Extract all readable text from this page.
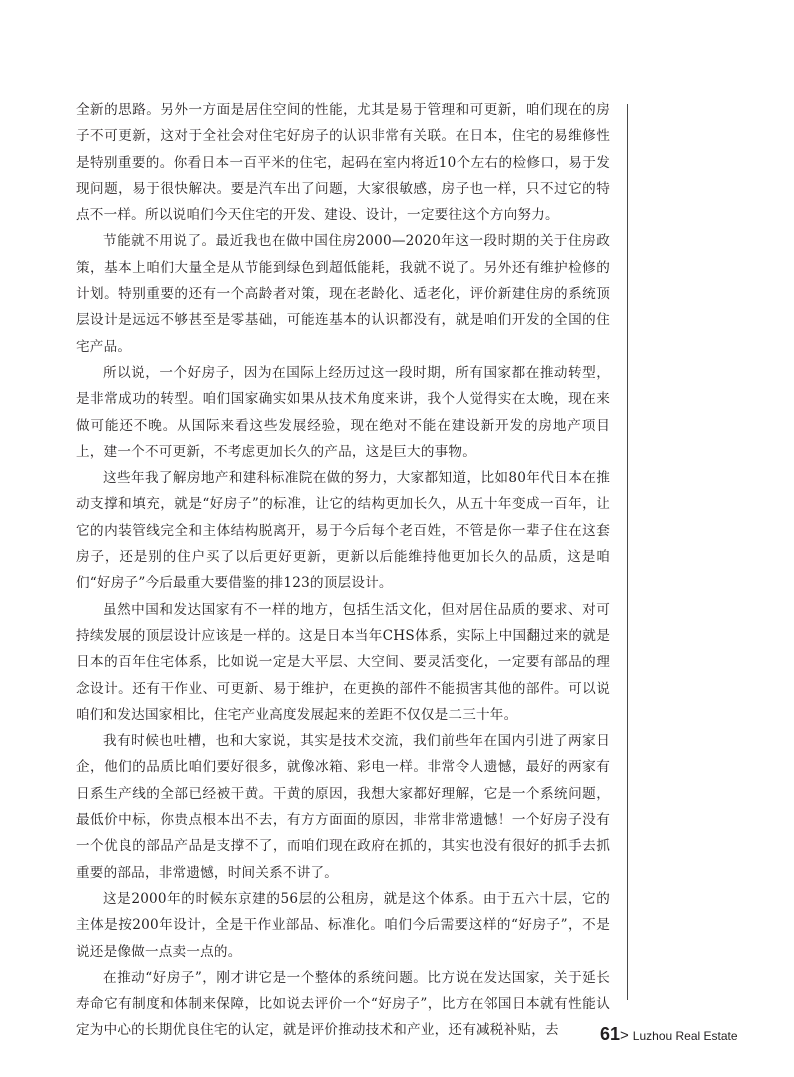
全新的思路。另外一方面是居住空间的性能，尤其是易于管理和可更新，咱们现在的房子不可更新，这对于全社会对住宅好房子的认识非常有关联。在日本，住宅的易维修性是特别重要的。你看日本一百平米的住宅，起码在室内将近10个左右的检修口，易于发现问题，易于很快解决。要是汽车出了问题，大家很敏感，房子也一样，只不过它的特点不一样。所以说咱们今天住宅的开发、建设、设计，一定要往这个方向努力。

节能就不用说了。最近我也在做中国住房2000—2020年这一段时期的关于住房政策，基本上咱们大量全是从节能到绿色到超低能耗，我就不说了。另外还有维护检修的计划。特别重要的还有一个高龄者对策，现在老龄化、适老化，评价新建住房的系统顶层设计是远远不够甚至是零基础，可能连基本的认识都没有，就是咱们开发的全国的住宅产品。

所以说，一个好房子，因为在国际上经历过这一段时期，所有国家都在推动转型，是非常成功的转型。咱们国家确实如果从技术角度来讲，我个人觉得实在太晚，现在来做可能还不晚。从国际来看这些发展经验，现在绝对不能在建设新开发的房地产项目上，建一个不可更新，不考虑更加长久的产品，这是巨大的事物。

这些年我了解房地产和建科标准院在做的努力，大家都知道，比如80年代日本在推动支撑和填充，就是“好房子”的标准，让它的结构更加长久，从五十年变成一百年，让它的内装管线完全和主体结构脱离开，易于今后每个老百姓，不管是你一辈子住在这套房子，还是别的住户买了以后更好更新，更新以后能维持他更加长久的品质，这是咱们“好房子”今后最重大要借鉴的排123的顶层设计。

虽然中国和发达国家有不一样的地方，包括生活文化，但对居住品质的要求、对可持续发展的顶层设计应该是一样的。这是日本当年CHS体系，实际上中国翻过来的就是日本的百年住宅体系，比如说一定是大平层、大空间、要灵活变化，一定要有部品的理念设计。还有干作业、可更新、易于维护，在更换的部件不能损害其他的部件。可以说咱们和发达国家相比，住宅产业高度发展起来的差距不仅仅是二三十年。

我有时候也吐槽，也和大家说，其实是技术交流，我们前些年在国内引进了两家日企，他们的品质比咱们要好很多，就像冰箱、彩电一样。非常令人遗憾，最好的两家有日系生产线的全部已经被干黄。干黄的原因，我想大家都好理解，它是一个系统问题，最低价中标，你贵点根本出不去，有方方面面的原因，非常非常遗憾！一个好房子没有一个优良的部品产品是支撑不了，而咱们现在政府在抓的，其实也没有很好的抓手去抓重要的部品，非常遗憾，时间关系不讲了。

这是2000年的时候东京建的56层的公租房，就是这个体系。由于五六十层，它的主体是按200年设计，全是干作业部品、标准化。咱们今后需要这样的“好房子”，不是说还是像做一点卖一点的。

在推动“好房子”，刚才讲它是一个整体的系统问题。比方说在发达国家，关于延长寿命它有制度和体制来保障，比如说去评价一个“好房子”，比方在邻国日本就有性能认定为中心的长期优良住宅的认定，就是评价推动技术和产业，还有减税补贴，去	61> Luzhou Real Estate
